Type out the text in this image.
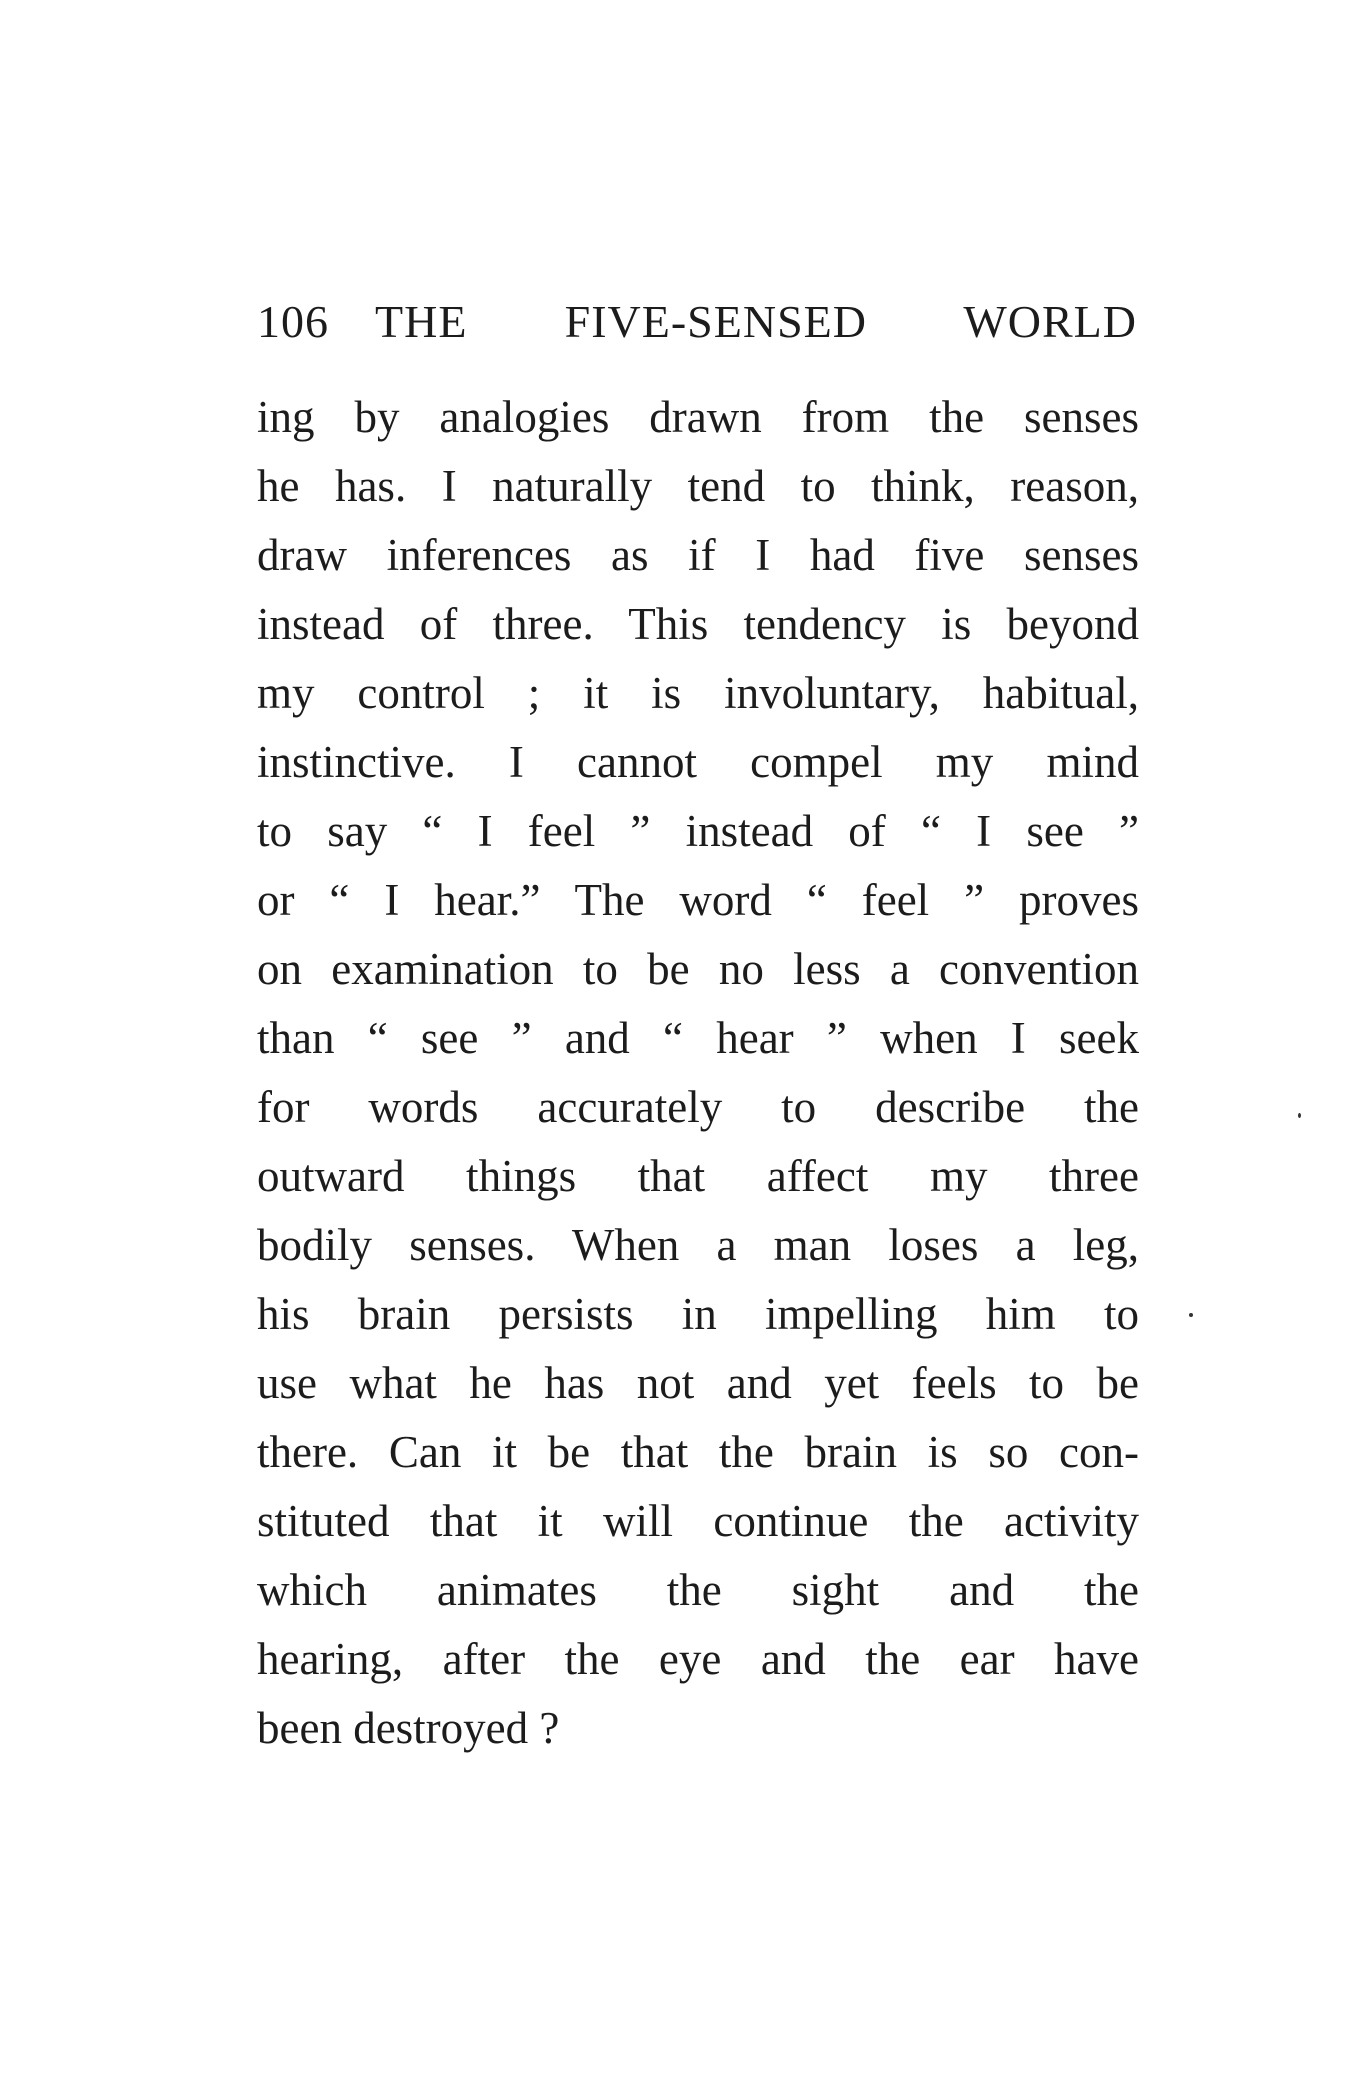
106 THE FIVE-SENSED WORLD
ing by analogies drawn from the senses
he has. I naturally tend to think, reason,
draw inferences as if I had five senses
instead of three. This tendency is beyond
my control ; it is involuntary, habitual,
instinctive. I cannot compel my mind
to say “ I feel ” instead of “ I see ”
or “ I hear.” The word “ feel ” proves
on examination to be no less a convention
than “ see ” and “ hear ” when I seek
for words accurately to describe the
outward things that affect my three
bodily senses. When a man loses a leg,
his brain persists in impelling him to
use what he has not and yet feels to be
there. Can it be that the brain is so con-
stituted that it will continue the activity
which animates the sight and the
hearing, after the eye and the ear have
been destroyed ?
